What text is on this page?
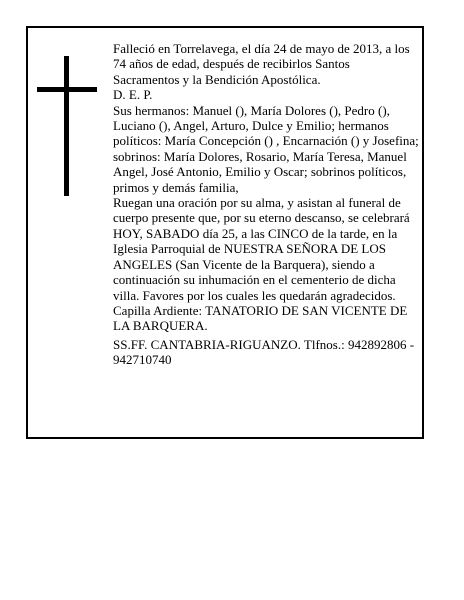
Falleció en Torrelavega, el día 24 de mayo de 2013, a los 74 años de edad, después de recibirlos Santos Sacramentos y la Bendición Apostólica.

D. E. P.

Sus hermanos: Manuel (), María Dolores (), Pedro (), Luciano (), Angel, Arturo, Dulce y Emilio; hermanos políticos: María Concepción () , Encarnación () y Josefina; sobrinos: María Dolores, Rosario, María Teresa, Manuel Angel, José Antonio, Emilio y Oscar; sobrinos políticos, primos y demás familia,

Ruegan una oración por su alma, y asistan al funeral de cuerpo presente que, por su eterno descanso, se celebrará HOY, SABADO día 25, a las CINCO de la tarde, en la Iglesia Parroquial de NUESTRA SEÑORA DE LOS ANGELES (San Vicente de la Barquera), siendo a continuación su inhumación en el cementerio de dicha villa. Favores por los cuales les quedarán agradecidos. Capilla Ardiente: TANATORIO DE SAN VICENTE DE LA BARQUERA.

SS.FF. CANTABRIA-RIGUANZO. Tlfnos.: 942892806 - 942710740
